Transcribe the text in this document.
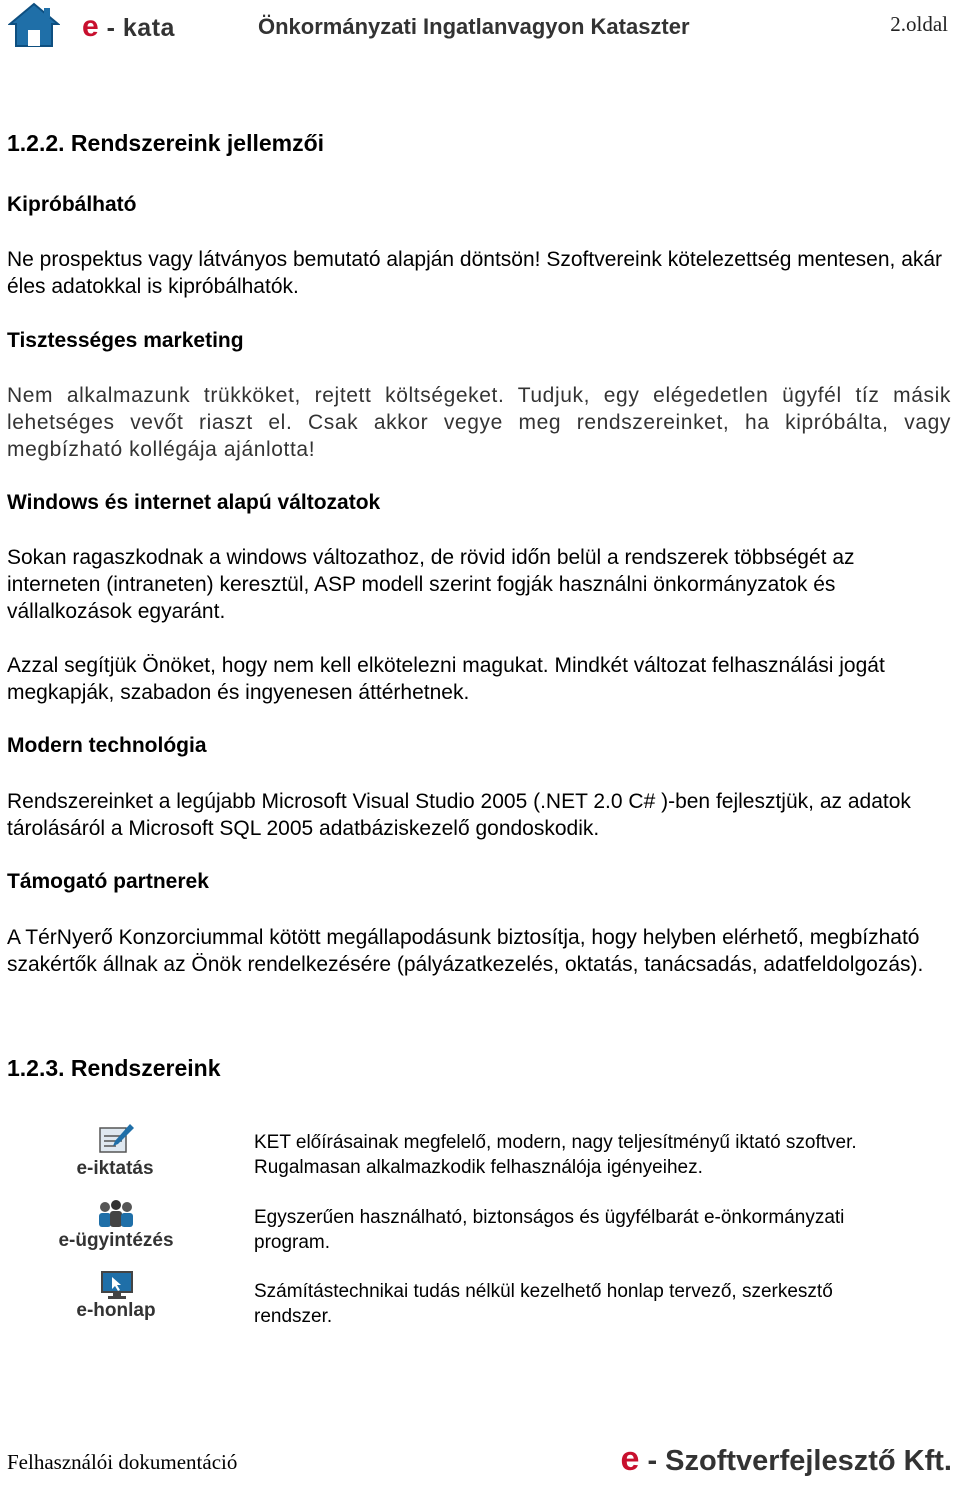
e - kata	Önkormányzati Ingatlanvagyon Kataszter	2.oldal
1.2.2. Rendszereink jellemzői
Kipróbálható
Ne prospektus vagy látványos bemutató alapján döntsön! Szoftvereink kötelezettség mentesen, akár éles adatokkal is kipróbálhatók.
Tisztességes marketing
Nem alkalmazunk trükköket, rejtett költségeket. Tudjuk, egy elégedetlen ügyfél tíz másik lehetséges vevőt riaszt el. Csak akkor vegye meg rendszereinket, ha kipróbálta, vagy megbízható kollégája ajánlotta!
Windows és internet alapú változatok
Sokan ragaszkodnak a windows változathoz, de rövid időn belül a rendszerek többségét az interneten (intraneten) keresztül, ASP modell szerint fogják használni önkormányzatok és vállalkozások egyaránt.
Azzal segítjük Önöket, hogy nem kell elkötelezni magukat. Mindkét változat felhasználási jogát megkapják, szabadon és ingyenesen áttérhetnek.
Modern technológia
Rendszereinket a legújabb Microsoft Visual Studio 2005 (.NET 2.0 C# )-ben fejlesztjük, az adatok tárolásáról a Microsoft SQL 2005 adatbáziskezelő gondoskodik.
Támogató partnerek
A TérNyerő Konzorciummal kötött megállapodásunk biztosítja, hogy helyben elérhető, megbízható szakértők állnak az Önök rendelkezésére (pályázatkezelés, oktatás, tanácsadás, adatfeldolgozás).
1.2.3. Rendszereink
e-iktatás
KET előírásainak megfelelő, modern, nagy teljesítményű iktató szoftver. Rugalmasan alkalmazkodik felhasználója igényeihez.
e-ügyintézés
Egyszerűen használható, biztonságos és ügyfélbarát e-önkormányzati program.
e-honlap
Számítástechnikai tudás nélkül kezelhető honlap tervező, szerkesztő rendszer.
Felhasználói dokumentáció	e - Szoftverfejlesztő Kft.
